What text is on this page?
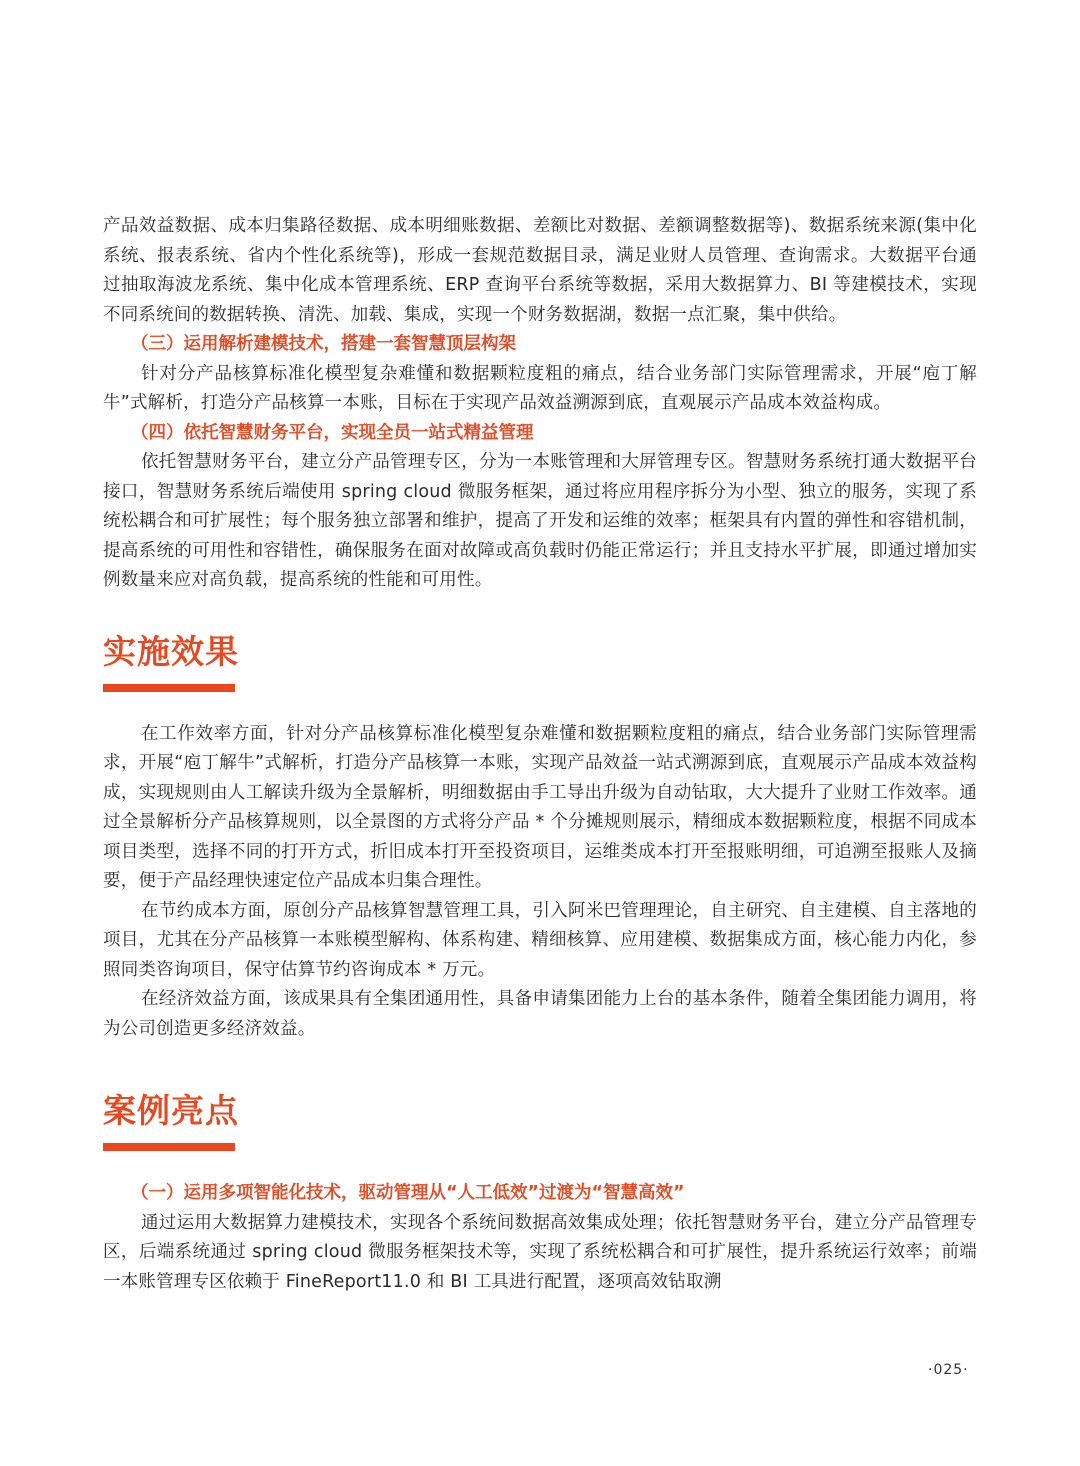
产品效益数据、成本归集路径数据、成本明细账数据、差额比对数据、差额调整数据等)、数据系统来源(集中化系统、报表系统、省内个性化系统等)，形成一套规范数据目录，满足业财人员管理、查询需求。大数据平台通过抽取海波龙系统、集中化成本管理系统、ERP 查询平台系统等数据，采用大数据算力、BI 等建模技术，实现不同系统间的数据转换、清洗、加载、集成，实现一个财务数据湖，数据一点汇聚，集中供给。

（三）运用解析建模技术，搭建一套智慧顶层构架

针对分产品核算标准化模型复杂难懂和数据颗粒度粗的痛点，结合业务部门实际管理需求，开展“庖丁解牛”式解析，打造分产品核算一本账，目标在于实现产品效益溯源到底，直观展示产品成本效益构成。

（四）依托智慧财务平台，实现全员一站式精益管理

依托智慧财务平台，建立分产品管理专区，分为一本账管理和大屏管理专区。智慧财务系统打通大数据平台接口，智慧财务系统后端使用 spring cloud 微服务框架，通过将应用程序拆分为小型、独立的服务，实现了系统松耦合和可扩展性；每个服务独立部署和维护，提高了开发和运维的效率；框架具有内置的弹性和容错机制，提高系统的可用性和容错性，确保服务在面对故障或高负载时仍能正常运行；并且支持水平扩展，即通过增加实例数量来应对高负载，提高系统的性能和可用性。

实施效果

在工作效率方面，针对分产品核算标准化模型复杂难懂和数据颗粒度粗的痛点，结合业务部门实际管理需求，开展“庖丁解牛”式解析，打造分产品核算一本账，实现产品效益一站式溯源到底，直观展示产品成本效益构成，实现规则由人工解读升级为全景解析，明细数据由手工导出升级为自动钻取，大大提升了业财工作效率。通过全景解析分产品核算规则，以全景图的方式将分产品 * 个分摊规则展示，精细成本数据颗粒度，根据不同成本项目类型，选择不同的打开方式，折旧成本打开至投资项目，运维类成本打开至报账明细，可追溯至报账人及摘要，便于产品经理快速定位产品成本归集合理性。

在节约成本方面，原创分产品核算智慧管理工具，引入阿米巴管理理论，自主研究、自主建模、自主落地的项目，尤其在分产品核算一本账模型解构、体系构建、精细核算、应用建模、数据集成方面，核心能力内化，参照同类咨询项目，保守估算节约咨询成本 * 万元。

在经济效益方面，该成果具有全集团通用性，具备申请集团能力上台的基本条件，随着全集团能力调用，将为公司创造更多经济效益。

案例亮点
（一）运用多项智能化技术，驱动管理从“人工低效”过渡为“智慧高效”

通过运用大数据算力建模技术，实现各个系统间数据高效集成处理；依托智慧财务平台，建立分产品管理专区，后端系统通过 spring cloud 微服务框架技术等，实现了系统松耦合和可扩展性，提升系统运行效率；前端一本账管理专区依赖于 FineReport11.0 和 BI 工具进行配置，逐项高效钻取溯

·025·
